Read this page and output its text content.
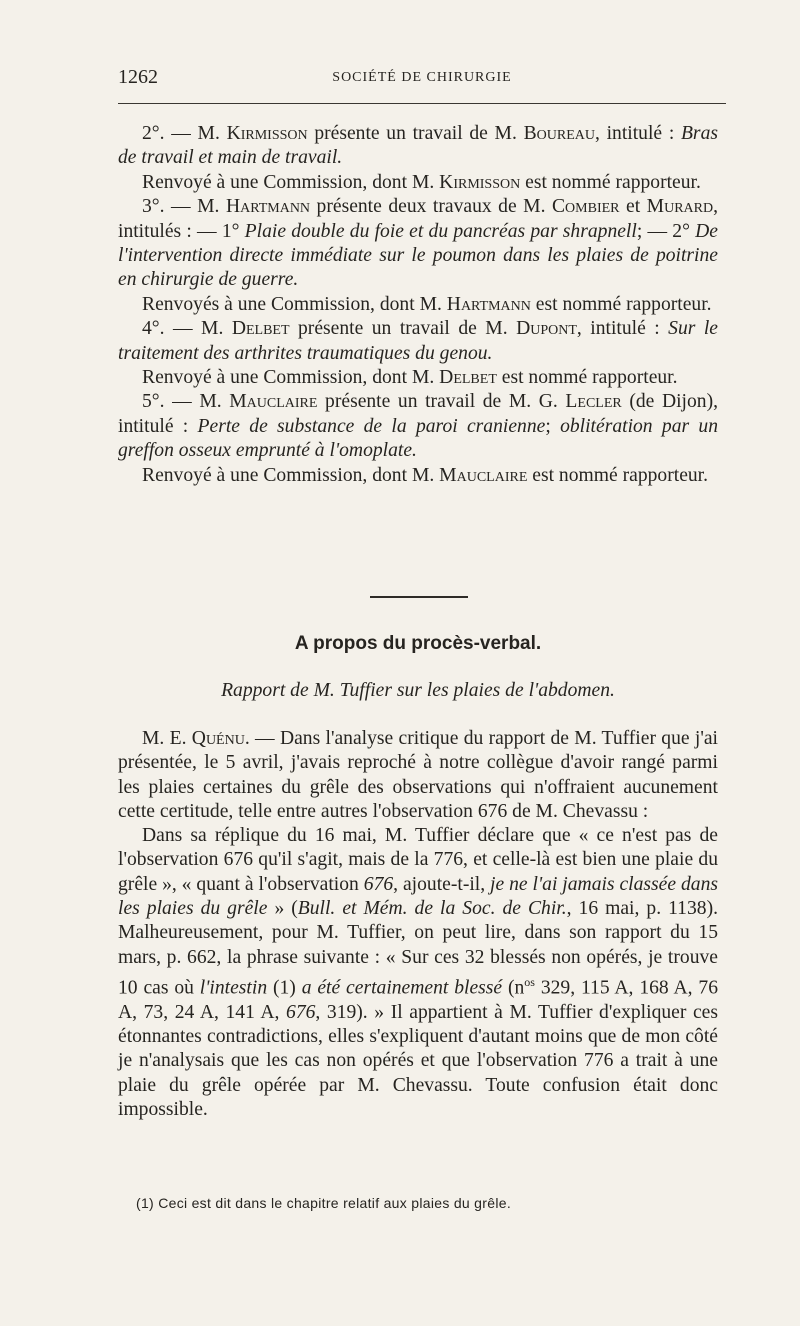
1262	SOCIÉTÉ DE CHIRURGIE

2°. — M. Kirmisson présente un travail de M. Boureau, intitulé : Bras de travail et main de travail.

Renvoyé à une Commission, dont M. Kirmisson est nommé rapporteur.

3°. — M. Hartmann présente deux travaux de M. Combier et Murard, intitulés : — 1° Plaie double du foie et du pancréas par shrapnell; — 2° De l'intervention directe immédiate sur le poumon dans les plaies de poitrine en chirurgie de guerre.

Renvoyés à une Commission, dont M. Hartmann est nommé rapporteur.

4°. — M. Delbet présente un travail de M. Dupont, intitulé : Sur le traitement des arthrites traumatiques du genou.

Renvoyé à une Commission, dont M. Delbet est nommé rapporteur.

5°. — M. Mauclaire présente un travail de M. G. Lecler (de Dijon), intitulé : Perte de substance de la paroi cranienne; oblitération par un greffon osseux emprunté à l'omoplate.

Renvoyé à une Commission, dont M. Mauclaire est nommé rapporteur.

A propos du procès-verbal.
Rapport de M. Tuffier sur les plaies de l'abdomen.

M. E. Quénu. — Dans l'analyse critique du rapport de M. Tuffier que j'ai présentée, le 5 avril, j'avais reproché à notre collègue d'avoir rangé parmi les plaies certaines du grêle des observations qui n'offraient aucunement cette certitude, telle entre autres l'observation 676 de M. Chevassu :

Dans sa réplique du 16 mai, M. Tuffier déclare que « ce n'est pas de l'observation 676 qu'il s'agit, mais de la 776, et celle-là est bien une plaie du grêle », « quant à l'observation 676, ajoute-t-il, je ne l'ai jamais classée dans les plaies du grêle » (Bull. et Mém. de la Soc. de Chir., 16 mai, p. 1138). Malheureusement, pour M. Tuffier, on peut lire, dans son rapport du 15 mars, p. 662, la phrase suivante : « Sur ces 32 blessés non opérés, je trouve 10 cas où l'intestin (1) a été certainement blessé ($n^{os}$ 329, 115 A, 168 A, 76 A, 73, 24 A, 141 A, 676, 319). » Il appartient à M. Tuffier d'expliquer ces étonnantes contradictions, elles s'expliquent d'autant moins que de mon côté je n'analysais que les cas non opérés et que l'observation 776 a trait à une plaie du grêle opérée par M. Chevassu. Toute confusion était donc impossible.

(1) Ceci est dit dans le chapitre relatif aux plaies du grêle.
